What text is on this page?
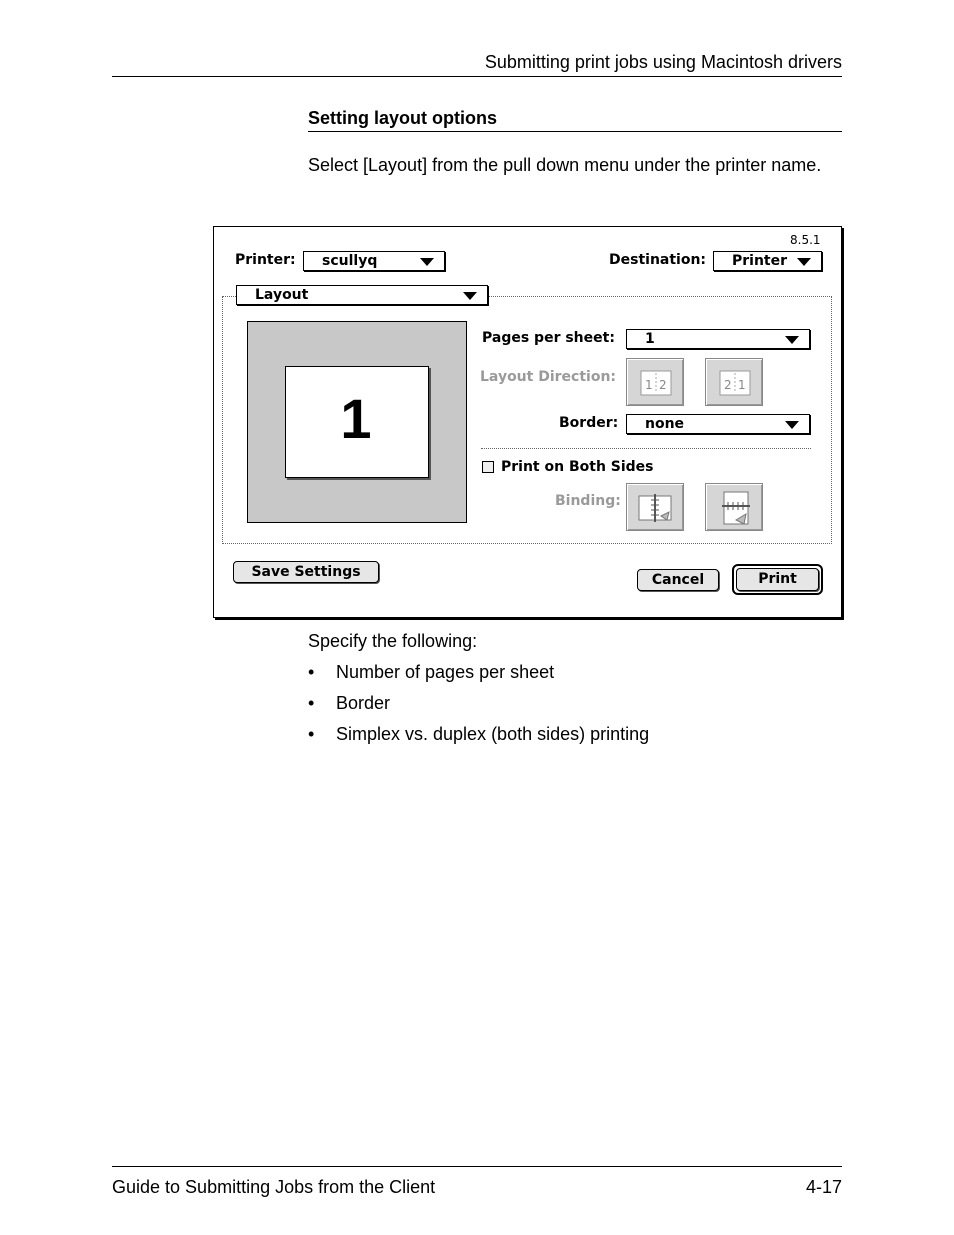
Submitting print jobs using Macintosh drivers
Setting layout options
Select [Layout] from the pull down menu under the printer name.
8.5.1
Printer: scullyq	Destination: Printer
Layout
1
Pages per sheet: 1
Layout Direction: 1 2	2 1
Border: none
Print on Both Sides
Binding:
Save Settings	Cancel	Print
Specify the following:
• Number of pages per sheet
• Border
• Simplex vs. duplex (both sides) printing
Guide to Submitting Jobs from the Client	4-17
